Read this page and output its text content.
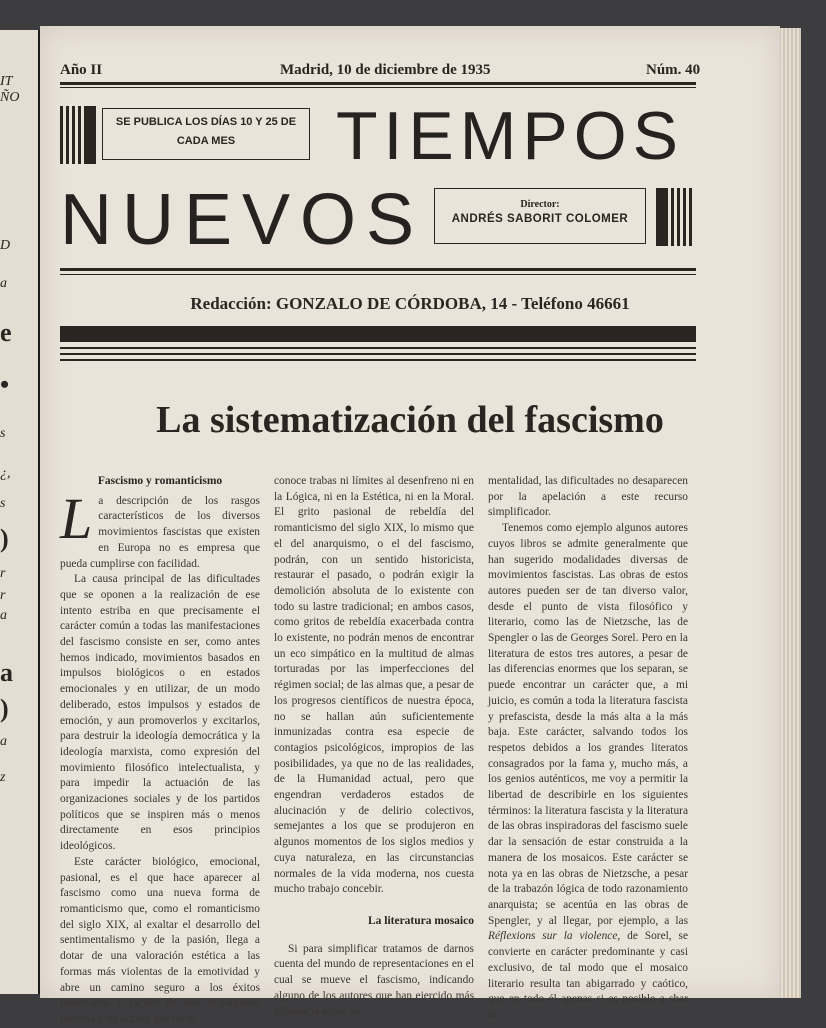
IT
ÑO
D
a
e
•
s
¿,
s
)
r
r
a
a
)
a
z
Año II	Madrid, 10 de diciembre de 1935	Núm. 40
SE PUBLICA LOS DÍAS 10 Y 25 DE CADA MES	TIEMPOS
NUEVOS	Director:
ANDRÉS SABORIT COLOMER
Redacción: GONZALO DE CÓRDOBA, 14 - Teléfono 46661
La sistematización del fascismo
Fascismo y romanticismo

La descripción de los rasgos característicos de los diversos movimientos fascistas que existen en Europa no es empresa que pueda cumplirse con facilidad.

La causa principal de las dificultades que se oponen a la realización de ese intento estriba en que precisamente el carácter común a todas las manifestaciones del fascismo consiste en ser, como antes hemos indicado, movimientos basados en impulsos biológicos o en estados emocionales y en utilizar, de un modo deliberado, estos impulsos y estados de emoción, y aun promoverlos y excitarlos, para destruir la ideología democrática y la ideología marxista, como expresión del movimiento filosófico intelectualista, y para impedir la actuación de las organizaciones sociales y de los partidos políticos que se inspiren más o menos directamente en esos principios ideológicos.

Este carácter biológico, emocional, pasional, es el que hace aparecer al fascismo como una nueva forma de romanticismo que, como el romanticismo del siglo XIX, al exaltar el desarrollo del sentimentalismo y de la pasión, llega a dotar de una valoración estética a las formas más violentas de la emotividad y abre un camino seguro a los éxitos inmediatos y fáciles de una propaganda literaria y de acción que no re-

conoce trabas ni límites al desenfreno ni en la Lógica, ni en la Estética, ni en la Moral. El grito pasional de rebeldía del romanticismo del siglo XIX, lo mismo que el del anarquismo, o el del fascismo, podrán, con un sentido historicista, restaurar el pasado, o podrán exigir la demolición absoluta de lo existente con todo su lastre tradicional; en ambos casos, como gritos de rebeldía exacerbada contra lo existente, no podrán menos de encontrar un eco simpático en la multitud de almas torturadas por las imperfecciones del régimen social; de las almas que, a pesar de los progresos científicos de nuestra época, no se hallan aún suficientemente inmunizadas contra esa especie de contagios psicológicos, impropios de las posibilidades, ya que no de las realidades, de la Humanidad actual, pero que engendran verdaderos estados de alucinación y de delirio colectivos, semejantes a los que se produjeron en algunos momentos de los siglos medios y cuya naturaleza, en las circunstancias normales de la vida moderna, nos cuesta mucho trabajo concebir.

La literatura mosaico

Si para simplificar tratamos de darnos cuenta del mundo de representaciones en el cual se mueve el fascismo, indicando alguno de los autores que han ejercido más influencia sobre su

mentalidad, las dificultades no desaparecen por la apelación a este recurso simplificador.

Tenemos como ejemplo algunos autores cuyos libros se admite generalmente que han sugerido modalidades diversas de movimientos fascistas. Las obras de estos autores pueden ser de tan diverso valor, desde el punto de vista filosófico y literario, como las de Nietzsche, las de Spengler o las de Georges Sorel. Pero en la literatura de estos tres autores, a pesar de las diferencias enormes que los separan, se puede encontrar un carácter que, a mi juicio, es común a toda la literatura fascista y prefascista, desde la más alta a la más baja. Este carácter, salvando todos los respetos debidos a los grandes literatos consagrados por la fama y, mucho más, a los genios auténticos, me voy a permitir la libertad de describirle en los siguientes términos: la literatura fascista y la literatura de las obras inspiradoras del fascismo suele dar la sensación de estar construida a la manera de los mosaicos. Este carácter se nota ya en las obras de Nietzsche, a pesar de la trabazón lógica de todo razonamiento anarquista; se acentúa en las obras de Spengler, y al llegar, por ejemplo, a las Réflexions sur la violence, de Sorel, se convierte en carácter predominante y casi exclusivo, de tal modo que el mosaico literario resulta tan abigarrado y caótico, que en todo él apenas si es posible a sbar al-
